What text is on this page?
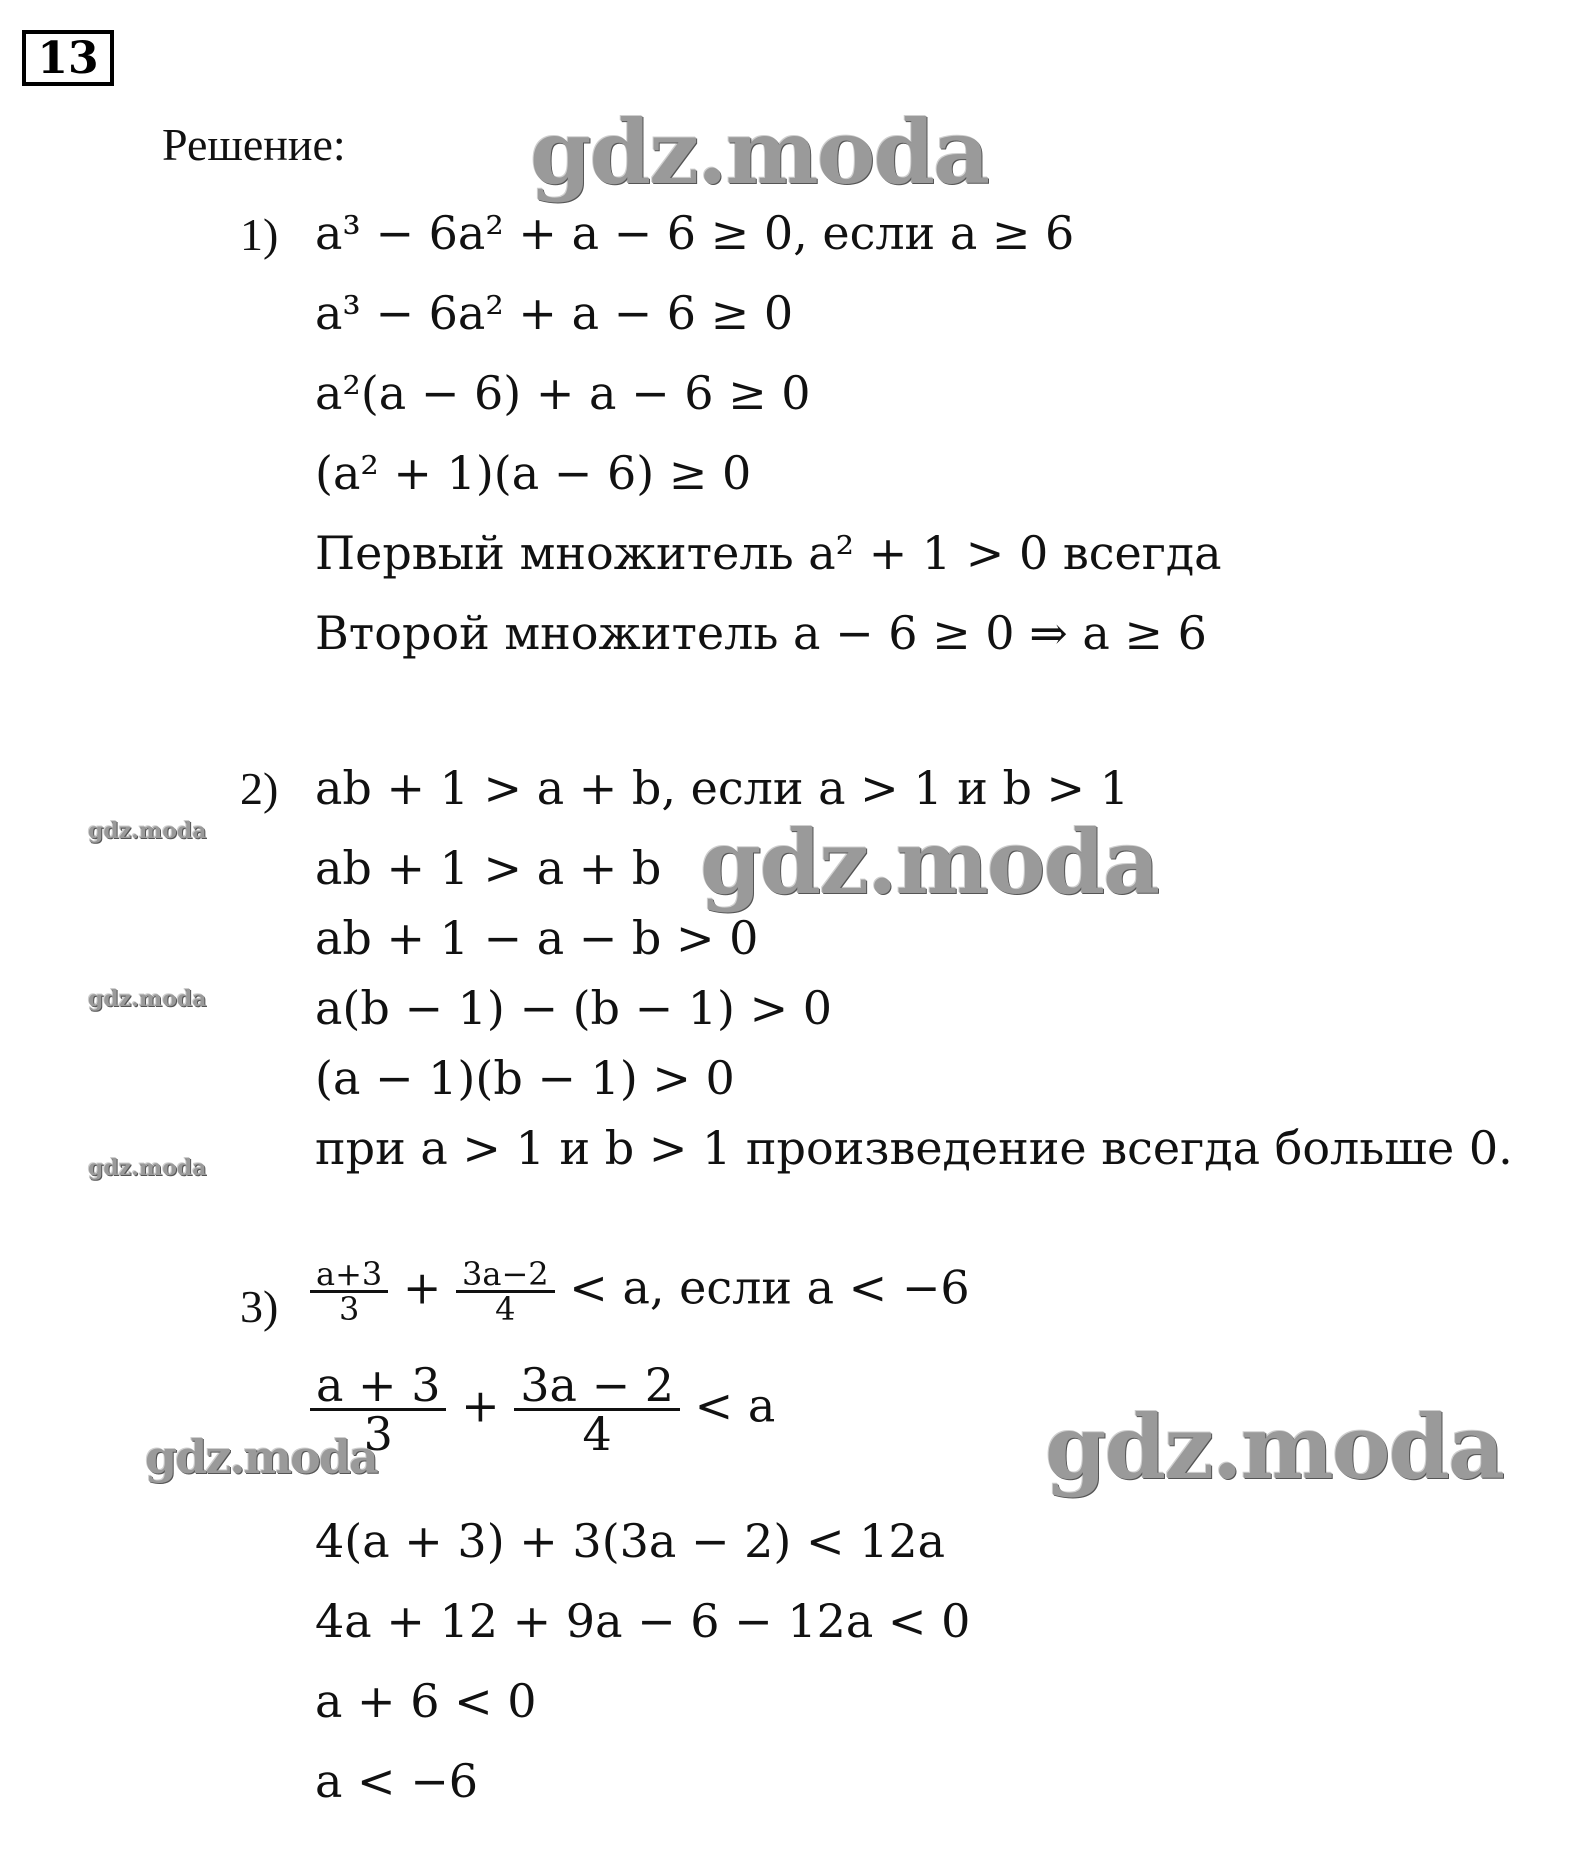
13
Решение:
1) a³ − 6a² + a − 6 ≥ 0, если a ≥ 6
a³ − 6a² + a − 6 ≥ 0
a²(a − 6) + a − 6 ≥ 0
(a² + 1)(a − 6) ≥ 0
Первый множитель a² + 1 > 0 всегда
Второй множитель a − 6 ≥ 0 ⇒ a ≥ 6
2) ab + 1 > a + b, если a > 1 и b > 1
ab + 1 > a + b
ab + 1 − a − b > 0
a(b − 1) − (b − 1) > 0
(a − 1)(b − 1) > 0
при a > 1 и b > 1 произведение всегда больше 0.
$3) \frac{a+3}{3} + \frac{3a-2}{4} < a$, если a < −6
$\frac{a + 3}{3} + \frac{3a - 2}{4} < a$
4(a + 3) + 3(3a − 2) < 12a
4a + 12 + 9a − 6 − 12a < 0
a + 6 < 0
a < −6
gdz.moda
gdz.moda
gdz.moda
gdz.moda
gdz.moda
gdz.moda
gdz.moda
